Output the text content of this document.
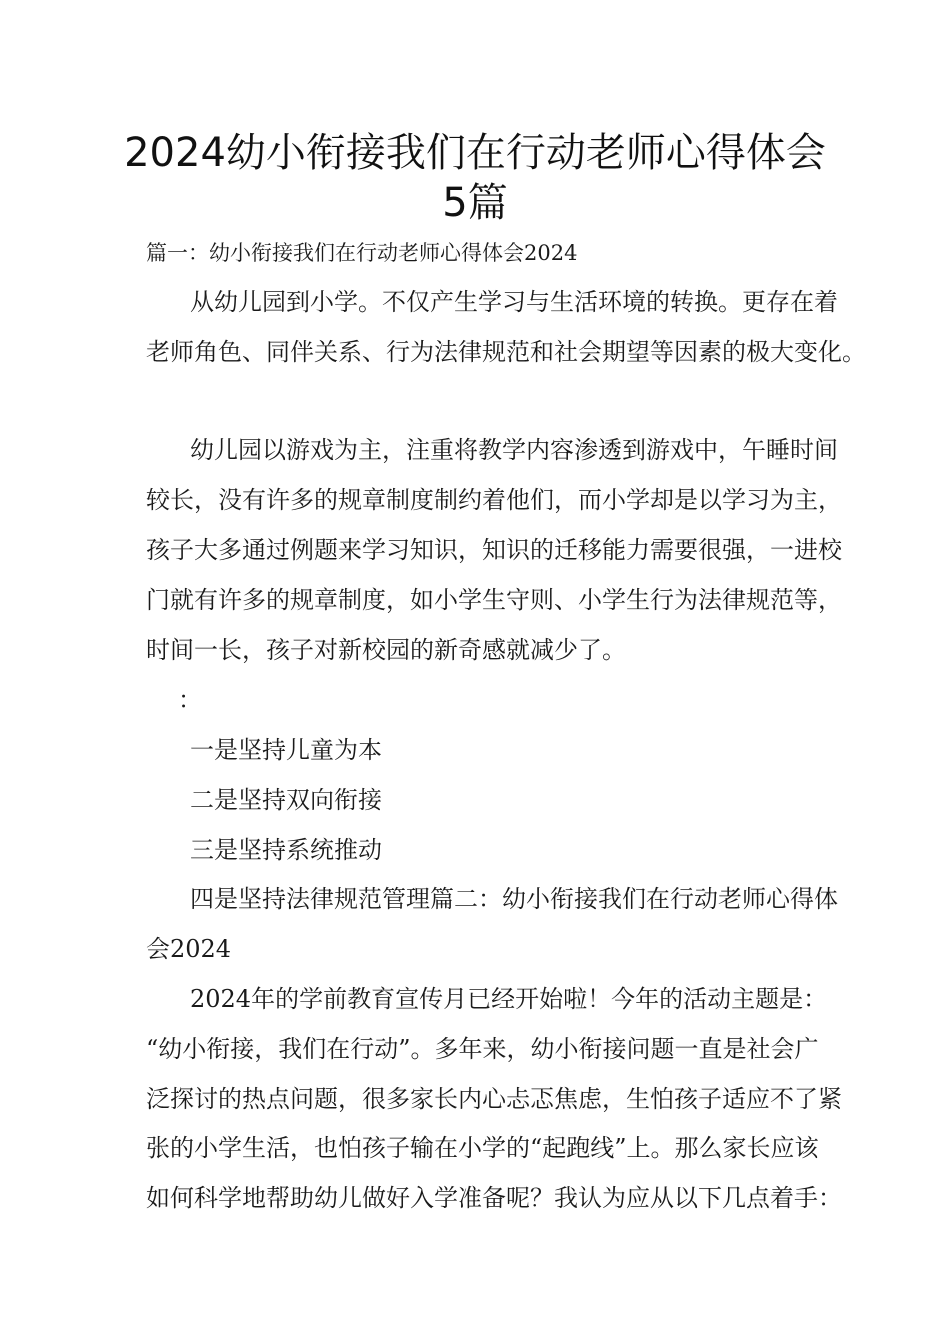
2024幼小衔接我们在行动老师心得体会
5篇

篇一：幼小衔接我们在行动老师心得体会2024

从幼儿园到小学。不仅产生学习与生活环境的转换。更存在着

老师角色、同伴关系、行为法律规范和社会期望等因素的极大变化。

幼儿园以游戏为主，注重将教学内容渗透到游戏中，午睡时间

较长，没有许多的规章制度制约着他们，而小学却是以学习为主，

孩子大多通过例题来学习知识，知识的迁移能力需要很强，一进校

门就有许多的规章制度，如小学生守则、小学生行为法律规范等，

时间一长，孩子对新校园的新奇感就减少了。

：

一是坚持儿童为本

二是坚持双向衔接

三是坚持系统推动

四是坚持法律规范管理篇二：幼小衔接我们在行动老师心得体

会2024

2024年的学前教育宣传月已经开始啦！今年的活动主题是：

“幼小衔接，我们在行动”。多年来，幼小衔接问题一直是社会广

泛探讨的热点问题，很多家长内心忐忑焦虑，生怕孩子适应不了紧

张的小学生活，也怕孩子输在小学的“起跑线”上。那么家长应该

如何科学地帮助幼儿做好入学准备呢？我认为应从以下几点着手：
